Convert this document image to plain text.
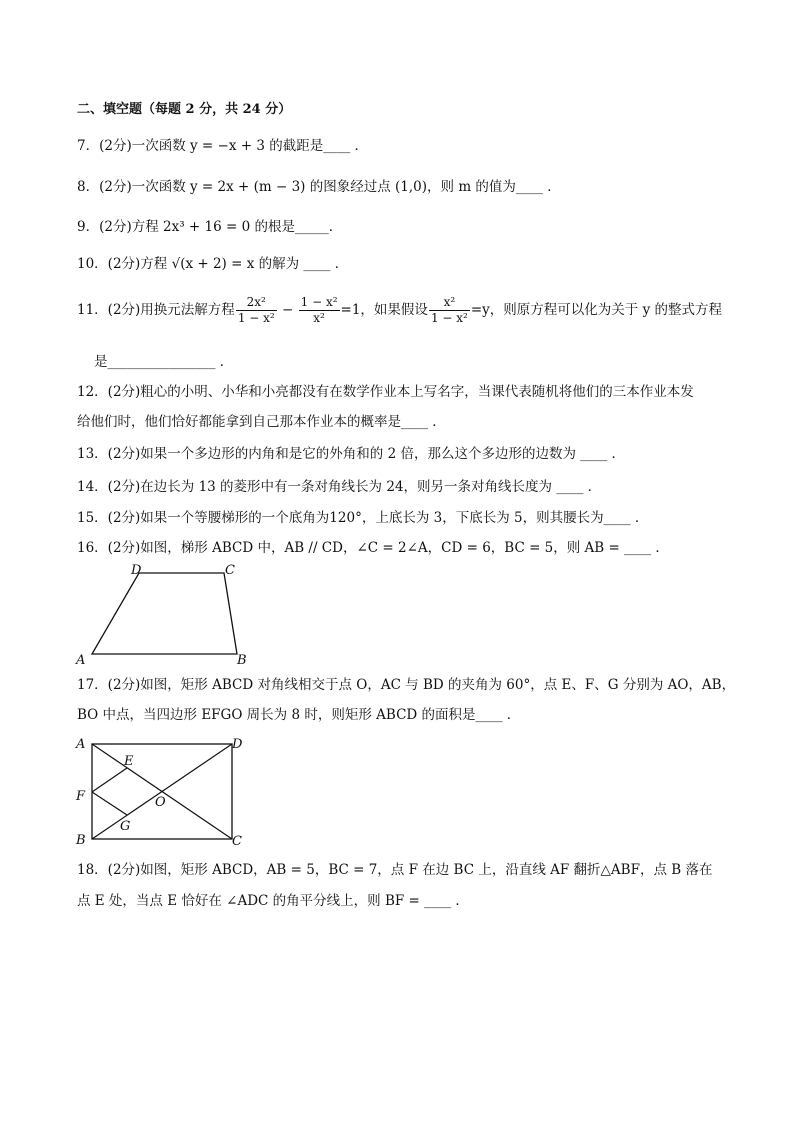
二、填空题（每题 2 分，共 24 分）
7．(2分)一次函数 y = −x + 3 的截距是____ ．
8．(2分)一次函数 y = 2x + (m − 3) 的图象经过点 (1,0)，则 m 的值为____ ．
9．(2分)方程 2x³ + 16 = 0 的根是_____．
10．(2分)方程 √(x + 2) = x 的解为 ____ ．
11．(2分)用换元法解方程 $\frac{\text{2x²}}{\text{1 − x²}} - \frac{\text{1 − x²}}{\text{x²}} =1$，如果假设 $\frac{\text{x²}}{\text{1 − x²}} =y$，则原方程可以化为关于 y 的整式方程
是________________ ．
12．(2分)粗心的小明、小华和小亮都没有在数学作业本上写名字，当课代表随机将他们的三本作业本发
给他们时，他们恰好都能拿到自己那本作业本的概率是____ ．
13．(2分)如果一个多边形的内角和是它的外角和的 2 倍，那么这个多边形的边数为 ____ ．
14．(2分)在边长为 13 的菱形中有一条对角线长为 24，则另一条对角线长度为 ____ ．
15．(2分)如果一个等腰梯形的一个底角为120°，上底长为 3，下底长为 5，则其腰长为____ ．
16．(2分)如图，梯形 ABCD 中，AB // CD，∠C = 2∠A，CD = 6，BC = 5，则 AB = ____ ．
A	B
C
D
17．(2分)如图，矩形 ABCD 对角线相交于点 O，AC 与 BD 的夹角为 60°，点 E、F、G 分别为 AO，AB，
BO 中点，当四边形 EFGO 周长为 8 时，则矩形 ABCD 的面积是____ ．
A	D
B	C
E
F
G
O
18．(2分)如图，矩形 ABCD，AB = 5，BC = 7，点 F 在边 BC 上，沿直线 AF 翻折△ABF，点 B 落在
点 E 处，当点 E 恰好在 ∠ADC 的角平分线上，则 BF = ____ ．
